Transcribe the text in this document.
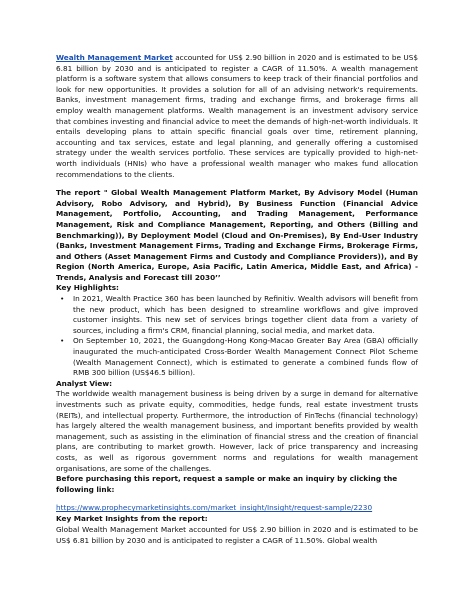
Wealth Management Market accounted for US$ 2.90 billion in 2020 and is estimated to be US$ 6.81 billion by 2030 and is anticipated to register a CAGR of 11.50%. A wealth management platform is a software system that allows consumers to keep track of their financial portfolios and look for new opportunities. It provides a solution for all of an advising network's requirements. Banks, investment management firms, trading and exchange firms, and brokerage firms all employ wealth management platforms. Wealth management is an investment advisory service that combines investing and financial advice to meet the demands of high-net-worth individuals. It entails developing plans to attain specific financial goals over time, retirement planning, accounting and tax services, estate and legal planning, and generally offering a customised strategy under the wealth services portfolio. These services are typically provided to high-net-worth individuals (HNIs) who have a professional wealth manager who makes fund allocation recommendations to the clients.

The report " Global Wealth Management Platform Market, By Advisory Model (Human Advisory, Robo Advisory, and Hybrid), By Business Function (Financial Advice Management, Portfolio, Accounting, and Trading Management, Performance Management, Risk and Compliance Management, Reporting, and Others (Billing and Benchmarking)), By Deployment Model (Cloud and On-Premises), By End-User Industry (Banks, Investment Management Firms, Trading and Exchange Firms, Brokerage Firms, and Others (Asset Management Firms and Custody and Compliance Providers)), and By Region (North America, Europe, Asia Pacific, Latin America, Middle East, and Africa) - Trends, Analysis and Forecast till 2030’’

Key Highlights:

• In 2021, Wealth Practice 360 has been launched by Refinitiv. Wealth advisors will benefit from the new product, which has been designed to streamline workflows and give improved customer insights. This new set of services brings together client data from a variety of sources, including a firm's CRM, financial planning, social media, and market data.
• On September 10, 2021, the Guangdong-Hong Kong-Macao Greater Bay Area (GBA) officially inaugurated the much-anticipated Cross-Border Wealth Management Connect Pilot Scheme (Wealth Management Connect), which is estimated to generate a combined funds flow of RMB 300 billion (US$46.5 billion).

Analyst View:

The worldwide wealth management business is being driven by a surge in demand for alternative investments such as private equity, commodities, hedge funds, real estate investment trusts (REITs), and intellectual property. Furthermore, the introduction of FinTechs (financial technology) has largely altered the wealth management business, and important benefits provided by wealth management, such as assisting in the elimination of financial stress and the creation of financial plans, are contributing to market growth. However, lack of price transparency and increasing costs, as well as rigorous government norms and regulations for wealth management organisations, are some of the challenges.

Before purchasing this report, request a sample or make an inquiry by clicking the following link:

https://www.prophecymarketinsights.com/market_insight/Insight/request-sample/2230

Key Market Insights from the report:

Global Wealth Management Market accounted for US$ 2.90 billion in 2020 and is estimated to be US$ 6.81 billion by 2030 and is anticipated to register a CAGR of 11.50%. Global wealth
